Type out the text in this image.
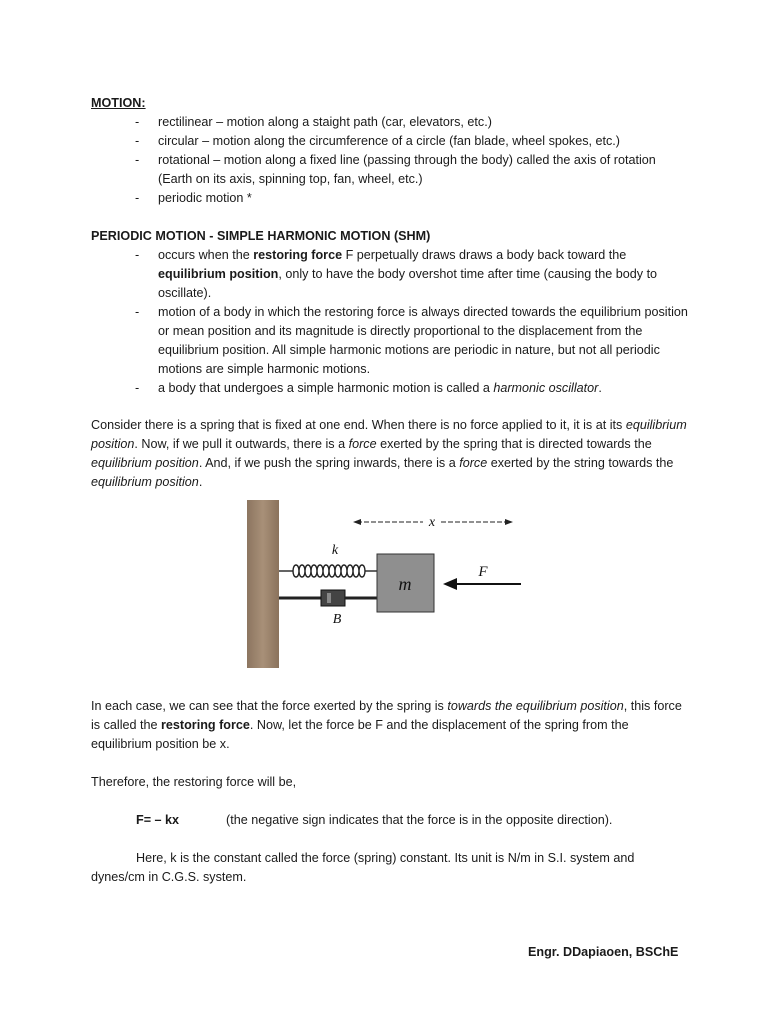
MOTION:
- rectilinear – motion along a staight path (car, elevators, etc.)
- circular – motion along the circumference of a circle (fan blade, wheel spokes, etc.)
- rotational – motion along a fixed line (passing through the body) called the axis of rotation (Earth on its axis, spinning top, fan, wheel, etc.)
- periodic motion *
PERIODIC MOTION - SIMPLE HARMONIC MOTION (SHM)
- occurs when the restoring force F perpetually draws draws a body back toward the equilibrium position, only to have the body overshot time after time (causing the body to oscillate).
- motion of a body in which the restoring force is always directed towards the equilibrium position or mean position and its magnitude is directly proportional to the displacement from the equilibrium position. All simple harmonic motions are periodic in nature, but not all periodic motions are simple harmonic motions.
- a body that undergoes a simple harmonic motion is called a harmonic oscillator.
Consider there is a spring that is fixed at one end. When there is no force applied to it, it is at its equilibrium position. Now, if we pull it outwards, there is a force exerted by the spring that is directed towards the equilibrium position. And, if we push the spring inwards, there is a force exerted by the string towards the equilibrium position.
m
k
B
x
F
In each case, we can see that the force exerted by the spring is towards the equilibrium position, this force is called the restoring force. Now, let the force be F and the displacement of the spring from the equilibrium position be x.
Therefore, the restoring force will be,
F= – kx	(the negative sign indicates that the force is in the opposite direction).
Here, k is the constant called the force (spring) constant. Its unit is N/m in S.I. system and dynes/cm in C.G.S. system.
Engr. DDapiaoen, BSChE
